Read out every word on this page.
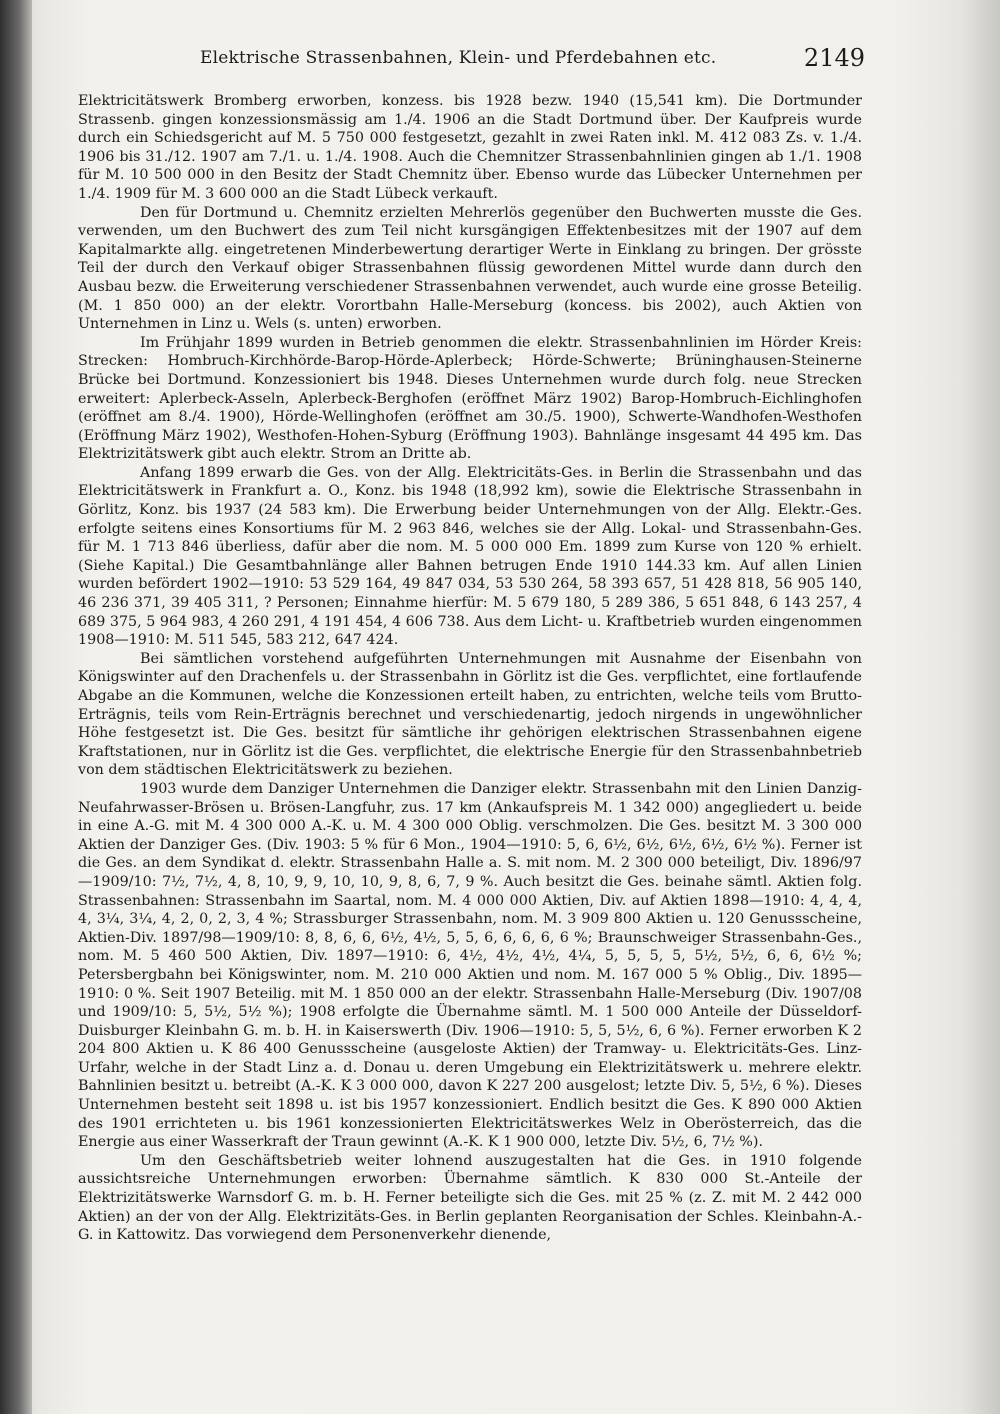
Elektrische Strassenbahnen, Klein- und Pferdebahnen etc.	2149

Elektricitätswerk Bromberg erworben, konzess. bis 1928 bezw. 1940 (15,541 km). Die Dortmunder Strassenb. gingen konzessionsmässig am 1./4. 1906 an die Stadt Dortmund über. Der Kaufpreis wurde durch ein Schiedsgericht auf M. 5 750 000 festgesetzt, gezahlt in zwei Raten inkl. M. 412 083 Zs. v. 1./4. 1906 bis 31./12. 1907 am 7./1. u. 1./4. 1908. Auch die Chemnitzer Strassenbahnlinien gingen ab 1./1. 1908 für M. 10 500 000 in den Besitz der Stadt Chemnitz über. Ebenso wurde das Lübecker Unternehmen per 1./4. 1909 für M. 3 600 000 an die Stadt Lübeck verkauft.

Den für Dortmund u. Chemnitz erzielten Mehrerlös gegenüber den Buchwerten musste die Ges. verwenden, um den Buchwert des zum Teil nicht kursgängigen Effektenbesitzes mit der 1907 auf dem Kapitalmarkte allg. eingetretenen Minderbewertung derartiger Werte in Einklang zu bringen. Der grösste Teil der durch den Verkauf obiger Strassenbahnen flüssig gewordenen Mittel wurde dann durch den Ausbau bezw. die Erweiterung verschiedener Strassenbahnen verwendet, auch wurde eine grosse Beteilig. (M. 1 850 000) an der elektr. Vorortbahn Halle-Merseburg (koncess. bis 2002), auch Aktien von Unternehmen in Linz u. Wels (s. unten) erworben.

Im Frühjahr 1899 wurden in Betrieb genommen die elektr. Strassenbahnlinien im Hörder Kreis: Strecken: Hombruch-Kirchhörde-Barop-Hörde-Aplerbeck; Hörde-Schwerte; Brüninghausen-Steinerne Brücke bei Dortmund. Konzessioniert bis 1948. Dieses Unternehmen wurde durch folg. neue Strecken erweitert: Aplerbeck-Asseln, Aplerbeck-Berghofen (eröffnet März 1902) Barop-Hombruch-Eichlinghofen (eröffnet am 8./4. 1900), Hörde-Wellinghofen (eröffnet am 30./5. 1900), Schwerte-Wandhofen-Westhofen (Eröffnung März 1902), Westhofen-Hohen-Syburg (Eröffnung 1903). Bahnlänge insgesamt 44 495 km. Das Elektrizitätswerk gibt auch elektr. Strom an Dritte ab.

Anfang 1899 erwarb die Ges. von der Allg. Elektricitäts-Ges. in Berlin die Strassenbahn und das Elektricitätswerk in Frankfurt a. O., Konz. bis 1948 (18,992 km), sowie die Elektrische Strassenbahn in Görlitz, Konz. bis 1937 (24 583 km). Die Erwerbung beider Unternehmungen von der Allg. Elektr.-Ges. erfolgte seitens eines Konsortiums für M. 2 963 846, welches sie der Allg. Lokal- und Strassenbahn-Ges. für M. 1 713 846 überliess, dafür aber die nom. M. 5 000 000 Em. 1899 zum Kurse von 120 % erhielt. (Siehe Kapital.) Die Gesamtbahnlänge aller Bahnen betrugen Ende 1910 144.33 km. Auf allen Linien wurden befördert 1902—1910: 53 529 164, 49 847 034, 53 530 264, 58 393 657, 51 428 818, 56 905 140, 46 236 371, 39 405 311, ? Personen; Einnahme hierfür: M. 5 679 180, 5 289 386, 5 651 848, 6 143 257, 4 689 375, 5 964 983, 4 260 291, 4 191 454, 4 606 738. Aus dem Licht- u. Kraftbetrieb wurden eingenommen 1908—1910: M. 511 545, 583 212, 647 424.

Bei sämtlichen vorstehend aufgeführten Unternehmungen mit Ausnahme der Eisenbahn von Königswinter auf den Drachenfels u. der Strassenbahn in Görlitz ist die Ges. verpflichtet, eine fortlaufende Abgabe an die Kommunen, welche die Konzessionen erteilt haben, zu entrichten, welche teils vom Brutto-Erträgnis, teils vom Rein-Erträgnis berechnet und verschiedenartig, jedoch nirgends in ungewöhnlicher Höhe festgesetzt ist. Die Ges. besitzt für sämtliche ihr gehörigen elektrischen Strassenbahnen eigene Kraftstationen, nur in Görlitz ist die Ges. verpflichtet, die elektrische Energie für den Strassenbahnbetrieb von dem städtischen Elektricitätswerk zu beziehen.

1903 wurde dem Danziger Unternehmen die Danziger elektr. Strassenbahn mit den Linien Danzig-Neufahrwasser-Brösen u. Brösen-Langfuhr, zus. 17 km (Ankaufspreis M. 1 342 000) angegliedert u. beide in eine A.-G. mit M. 4 300 000 A.-K. u. M. 4 300 000 Oblig. verschmolzen. Die Ges. besitzt M. 3 300 000 Aktien der Danziger Ges. (Div. 1903: 5 % für 6 Mon., 1904—1910: 5, 6, 6½, 6½, 6½, 6½, 6½ %). Ferner ist die Ges. an dem Syndikat d. elektr. Strassenbahn Halle a. S. mit nom. M. 2 300 000 beteiligt, Div. 1896/97—1909/10: 7½, 7½, 4, 8, 10, 9, 9, 10, 10, 9, 8, 6, 7, 9 %. Auch besitzt die Ges. beinahe sämtl. Aktien folg. Strassenbahnen: Strassenbahn im Saartal, nom. M. 4 000 000 Aktien, Div. auf Aktien 1898—1910: 4, 4, 4, 4, 3¼, 3¼, 4, 2, 0, 2, 3, 4 %; Strassburger Strassenbahn, nom. M. 3 909 800 Aktien u. 120 Genussscheine, Aktien-Div. 1897/98—1909/10: 8, 8, 6, 6, 6½, 4½, 5, 5, 6, 6, 6, 6, 6 %; Braunschweiger Strassenbahn-Ges., nom. M. 5 460 500 Aktien, Div. 1897—1910: 6, 4½, 4½, 4½, 4¼, 5, 5, 5, 5, 5½, 5½, 6, 6, 6½ %; Petersbergbahn bei Königswinter, nom. M. 210 000 Aktien und nom. M. 167 000 5 % Oblig., Div. 1895—1910: 0 %. Seit 1907 Beteilig. mit M. 1 850 000 an der elektr. Strassenbahn Halle-Merseburg (Div. 1907/08 und 1909/10: 5, 5½, 5½ %); 1908 erfolgte die Übernahme sämtl. M. 1 500 000 Anteile der Düsseldorf-Duisburger Kleinbahn G. m. b. H. in Kaiserswerth (Div. 1906—1910: 5, 5, 5½, 6, 6 %). Ferner erworben K 2 204 800 Aktien u. K 86 400 Genussscheine (ausgeloste Aktien) der Tramway- u. Elektricitäts-Ges. Linz-Urfahr, welche in der Stadt Linz a. d. Donau u. deren Umgebung ein Elektrizitätswerk u. mehrere elektr. Bahnlinien besitzt u. betreibt (A.-K. K 3 000 000, davon K 227 200 ausgelost; letzte Div. 5, 5½, 6 %). Dieses Unternehmen besteht seit 1898 u. ist bis 1957 konzessioniert. Endlich besitzt die Ges. K 890 000 Aktien des 1901 errichteten u. bis 1961 konzessionierten Elektricitätswerkes Welz in Oberösterreich, das die Energie aus einer Wasserkraft der Traun gewinnt (A.-K. K 1 900 000, letzte Div. 5½, 6, 7½ %).

Um den Geschäftsbetrieb weiter lohnend auszugestalten hat die Ges. in 1910 folgende aussichtsreiche Unternehmungen erworben: Übernahme sämtlich. K 830 000 St.-Anteile der Elektrizitätswerke Warnsdorf G. m. b. H. Ferner beteiligte sich die Ges. mit 25 % (z. Z. mit M. 2 442 000 Aktien) an der von der Allg. Elektrizitäts-Ges. in Berlin geplanten Reorganisation der Schles. Kleinbahn-A.-G. in Kattowitz. Das vorwiegend dem Personenverkehr dienende,
